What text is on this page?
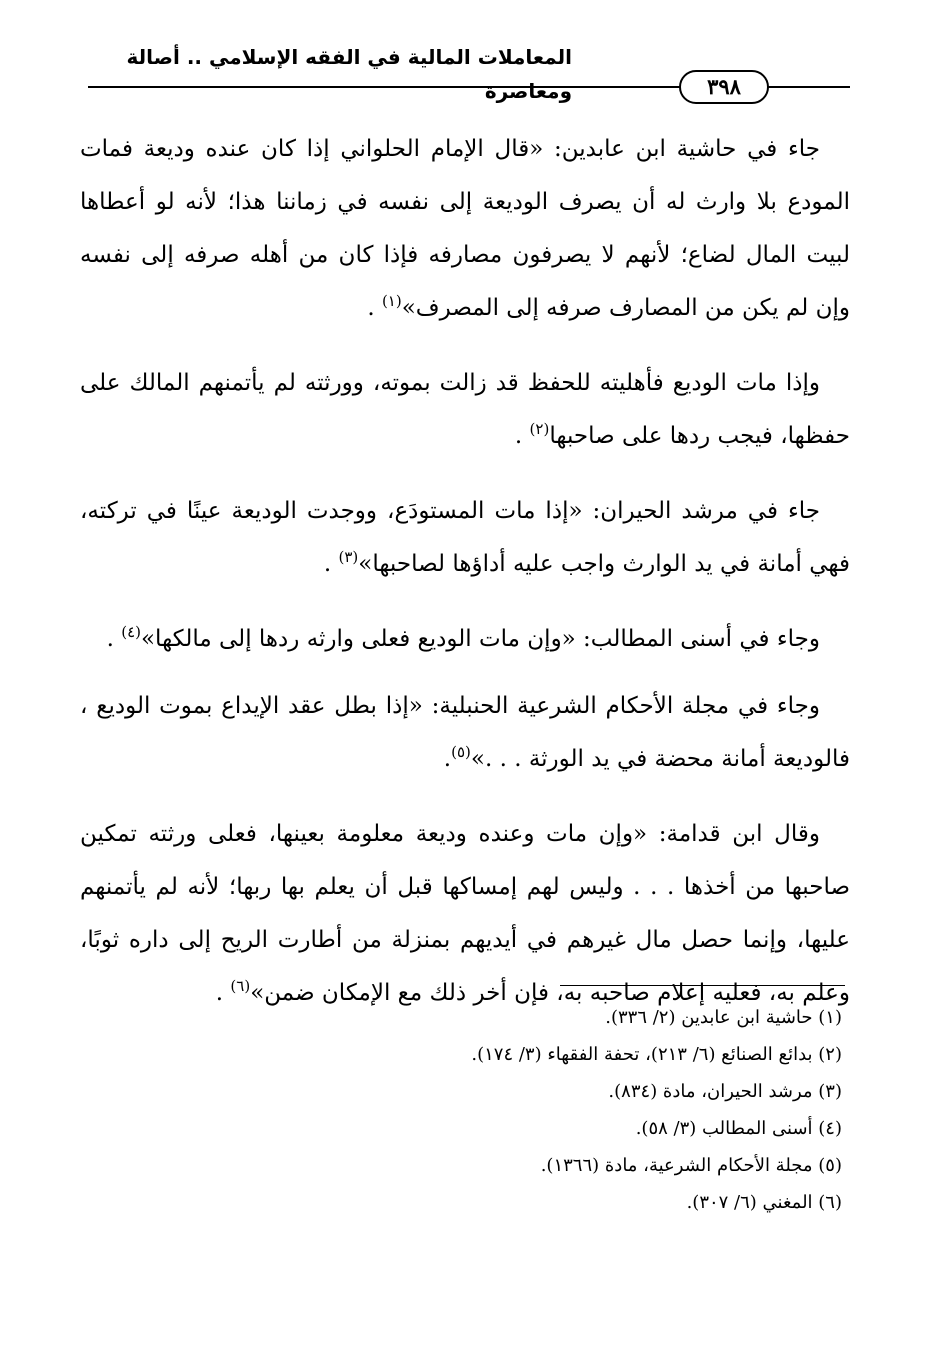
المعاملات المالية في الفقه الإسلامي .. أصالة ومعاصرة	٣٩٨

جاء في حاشية ابن عابدين: «قال الإمام الحلواني إذا كان عنده وديعة فمات المودع بلا وارث له أن يصرف الوديعة إلى نفسه في زماننا هذا؛ لأنه لو أعطاها لبيت المال لضاع؛ لأنهم لا يصرفون مصارفه فإذا كان من أهله صرفه إلى نفسه وإن لم يكن من المصارف صرفه إلى المصرف»$^{(١)}$ .

وإذا مات الوديع فأهليته للحفظ قد زالت بموته، وورثته لم يأتمنهم المالك على حفظها، فيجب ردها على صاحبها$^{(٢)}$ .

جاء في مرشد الحيران: «إذا مات المستودَع، ووجدت الوديعة عينًا في تركته، فهي أمانة في يد الوارث واجب عليه أداؤها لصاحبها»$^{(٣)}$ .

وجاء في أسنى المطالب: «وإن مات الوديع فعلى وارثه ردها إلى مالكها»$^{(٤)}$ .

وجاء في مجلة الأحكام الشرعية الحنبلية: «إذا بطل عقد الإيداع بموت الوديع ، فالوديعة أمانة محضة في يد الورثة . . .»$^{(٥)}$.

وقال ابن قدامة: «وإن مات وعنده وديعة معلومة بعينها، فعلى ورثته تمكين صاحبها من أخذها . . . وليس لهم إمساكها قبل أن يعلم بها ربها؛ لأنه لم يأتمنهم عليها، وإنما حصل مال غيرهم في أيديهم بمنزلة من أطارت الريح إلى داره ثوبًا، وعلم به، فعليه إعلام صاحبه به، فإن أخر ذلك مع الإمكان ضمن»$^{(٦)}$ .

(١) حاشية ابن عابدين (٢/ ٣٣٦).

(٢) بدائع الصنائع (٦/ ٢١٣)، تحفة الفقهاء (٣/ ١٧٤).

(٣) مرشد الحيران، مادة (٨٣٤).

(٤) أسنى المطالب (٣/ ٥٨).

(٥) مجلة الأحكام الشرعية، مادة (١٣٦٦).

(٦) المغني (٦/ ٣٠٧).
